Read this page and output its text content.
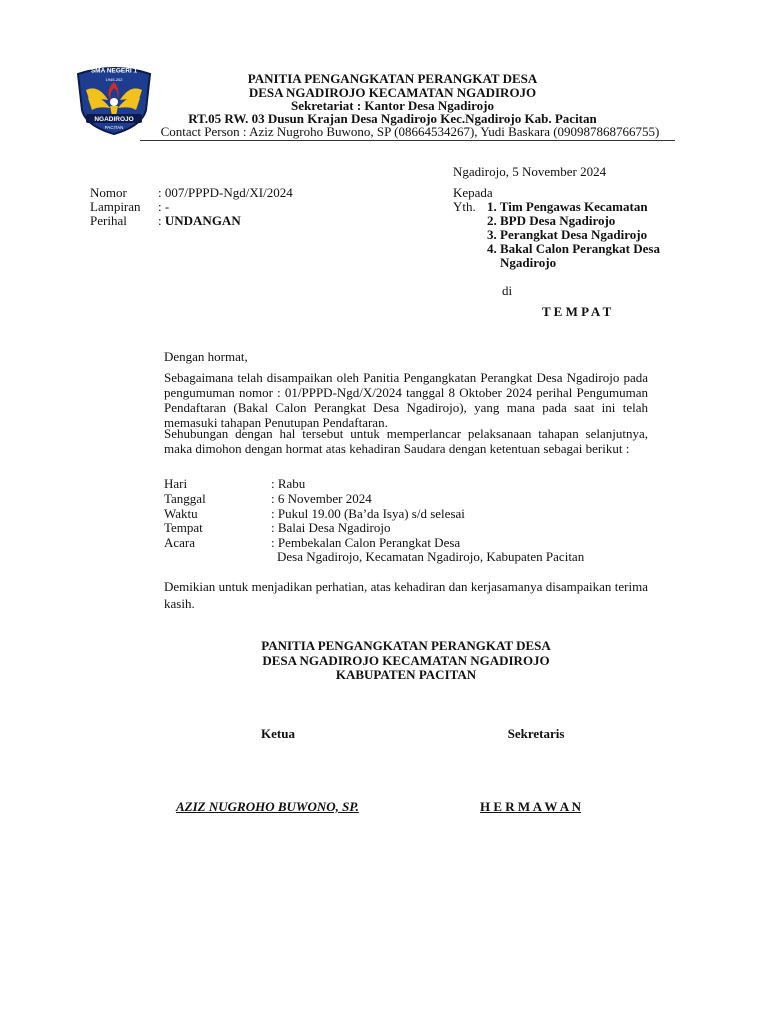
SMA NEGERI 1
1945-202
NGADIROJO
PACITAN
PANITIA PENGANGKATAN PERANGKAT DESA
DESA NGADIROJO KECAMATAN NGADIROJO
Sekretariat : Kantor Desa Ngadirojo
RT.05 RW. 03 Dusun Krajan Desa Ngadirojo Kec.Ngadirojo Kab. Pacitan
Contact Person : Aziz Nugroho Buwono, SP (08664534267), Yudi Baskara (090987868766755)
Ngadirojo, 5 November 2024
Nomor : 007/PPPD-Ngd/XI/2024
Lampiran : -
Perihal : UNDANGAN
Kepada
Yth. 1. Tim Pengawas Kecamatan
2. BPD Desa Ngadirojo
3. Perangkat Desa Ngadirojo
4. Bakal Calon Perangkat Desa
Ngadirojo
di
T E M P A T
Dengan hormat,
Sebagaimana telah disampaikan oleh Panitia Pengangkatan Perangkat Desa Ngadirojo pada pengumuman nomor : 01/PPPD-Ngd/X/2024 tanggal 8 Oktober 2024 perihal Pengumuman Pendaftaran (Bakal Calon Perangkat Desa Ngadirojo), yang mana pada saat ini telah memasuki tahapan Penutupan Pendaftaran.
Sehubungan dengan hal tersebut untuk memperlancar pelaksanaan tahapan selanjutnya, maka dimohon dengan hormat atas kehadiran Saudara dengan ketentuan sebagai berikut :
Hari	: Rabu
Tanggal	: 6 November 2024
Waktu	: Pukul 19.00 (Ba’da Isya) s/d selesai
Tempat	: Balai Desa Ngadirojo
Acara	: Pembekalan Calon Perangkat Desa
Desa Ngadirojo, Kecamatan Ngadirojo, Kabupaten Pacitan
Demikian untuk menjadikan perhatian, atas kehadiran dan kerjasamanya disampaikan terima kasih.
PANITIA PENGANGKATAN PERANGKAT DESA
DESA NGADIROJO KECAMATAN NGADIROJO
KABUPATEN PACITAN
Ketua	Sekretaris
AZIZ NUGROHO BUWONO, SP.	H E R M A W A N
